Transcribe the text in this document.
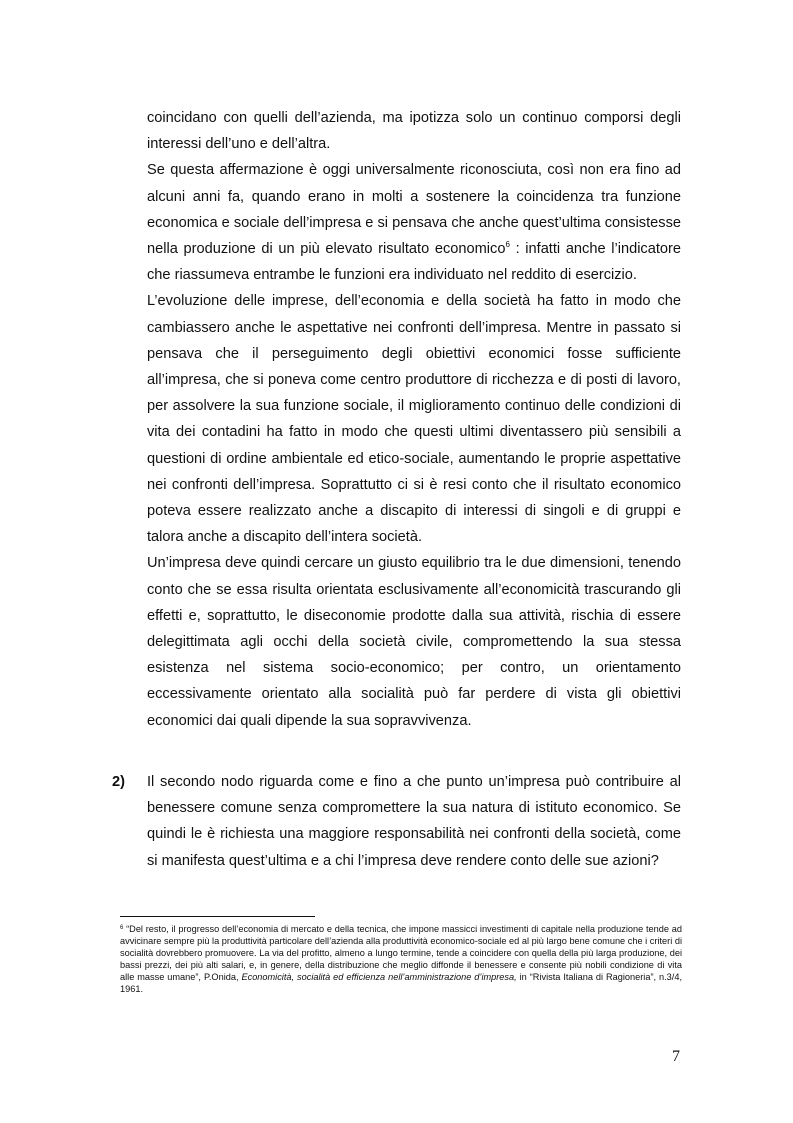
coincidano con quelli dell’azienda, ma ipotizza solo un continuo comporsi degli interessi dell’uno e dell’altra.

Se questa affermazione è oggi universalmente riconosciuta, così non era fino ad alcuni anni fa, quando erano in molti a sostenere la coincidenza tra funzione economica e sociale dell’impresa e si pensava che anche quest’ultima consistesse nella produzione di un più elevato risultato economico$^6$ : infatti anche l’indicatore che riassumeva entrambe le funzioni era individuato nel reddito di esercizio.

L’evoluzione delle imprese, dell’economia e della società ha fatto in modo che cambiassero anche le aspettative nei confronti dell’impresa. Mentre in passato si pensava che il perseguimento degli obiettivi economici fosse sufficiente all’impresa, che si poneva come centro produttore di ricchezza e di posti di lavoro, per assolvere la sua funzione sociale, il miglioramento continuo delle condizioni di vita dei contadini ha fatto in modo che questi ultimi diventassero più sensibili a questioni di ordine ambientale ed etico-sociale, aumentando le proprie aspettative nei confronti dell’impresa. Soprattutto ci si è resi conto che il risultato economico poteva essere realizzato anche a discapito di interessi di singoli e di gruppi e talora anche a discapito dell’intera società.

Un’impresa deve quindi cercare un giusto equilibrio tra le due dimensioni, tenendo conto che se essa risulta orientata esclusivamente all’economicità trascurando gli effetti e, soprattutto, le diseconomie prodotte dalla sua attività, rischia di essere delegittimata agli occhi della società civile, compromettendo la sua stessa esistenza nel sistema socio-economico; per contro, un orientamento eccessivamente orientato alla socialità può far perdere di vista gli obiettivi economici dai quali dipende la sua sopravvivenza.

2)	Il secondo nodo riguarda come e fino a che punto un’impresa può contribuire al benessere comune senza compromettere la sua natura di istituto economico. Se quindi le è richiesta una maggiore responsabilità nei confronti della società, come si manifesta quest’ultima e a chi l’impresa deve rendere conto delle sue azioni?
$^6$ “Del resto, il progresso dell’economia di mercato e della tecnica, che impone massicci investimenti di capitale nella produzione tende ad avvicinare sempre più la produttività particolare dell’azienda alla produttività economico-sociale ed al più largo bene comune che i criteri di socialità dovrebbero promuovere. La via del profitto, almeno a lungo termine, tende a coincidere con quella della più larga produzione, dei bassi prezzi, dei più alti salari, e, in genere, della distribuzione che meglio diffonde il benessere e consente più nobili condizione di vita alle masse umane”, P.Onida, Economicità, socialità ed efficienza nell’amministrazione d’impresa, in “Rivista Italiana di Ragioneria”, n.3/4, 1961.
7
